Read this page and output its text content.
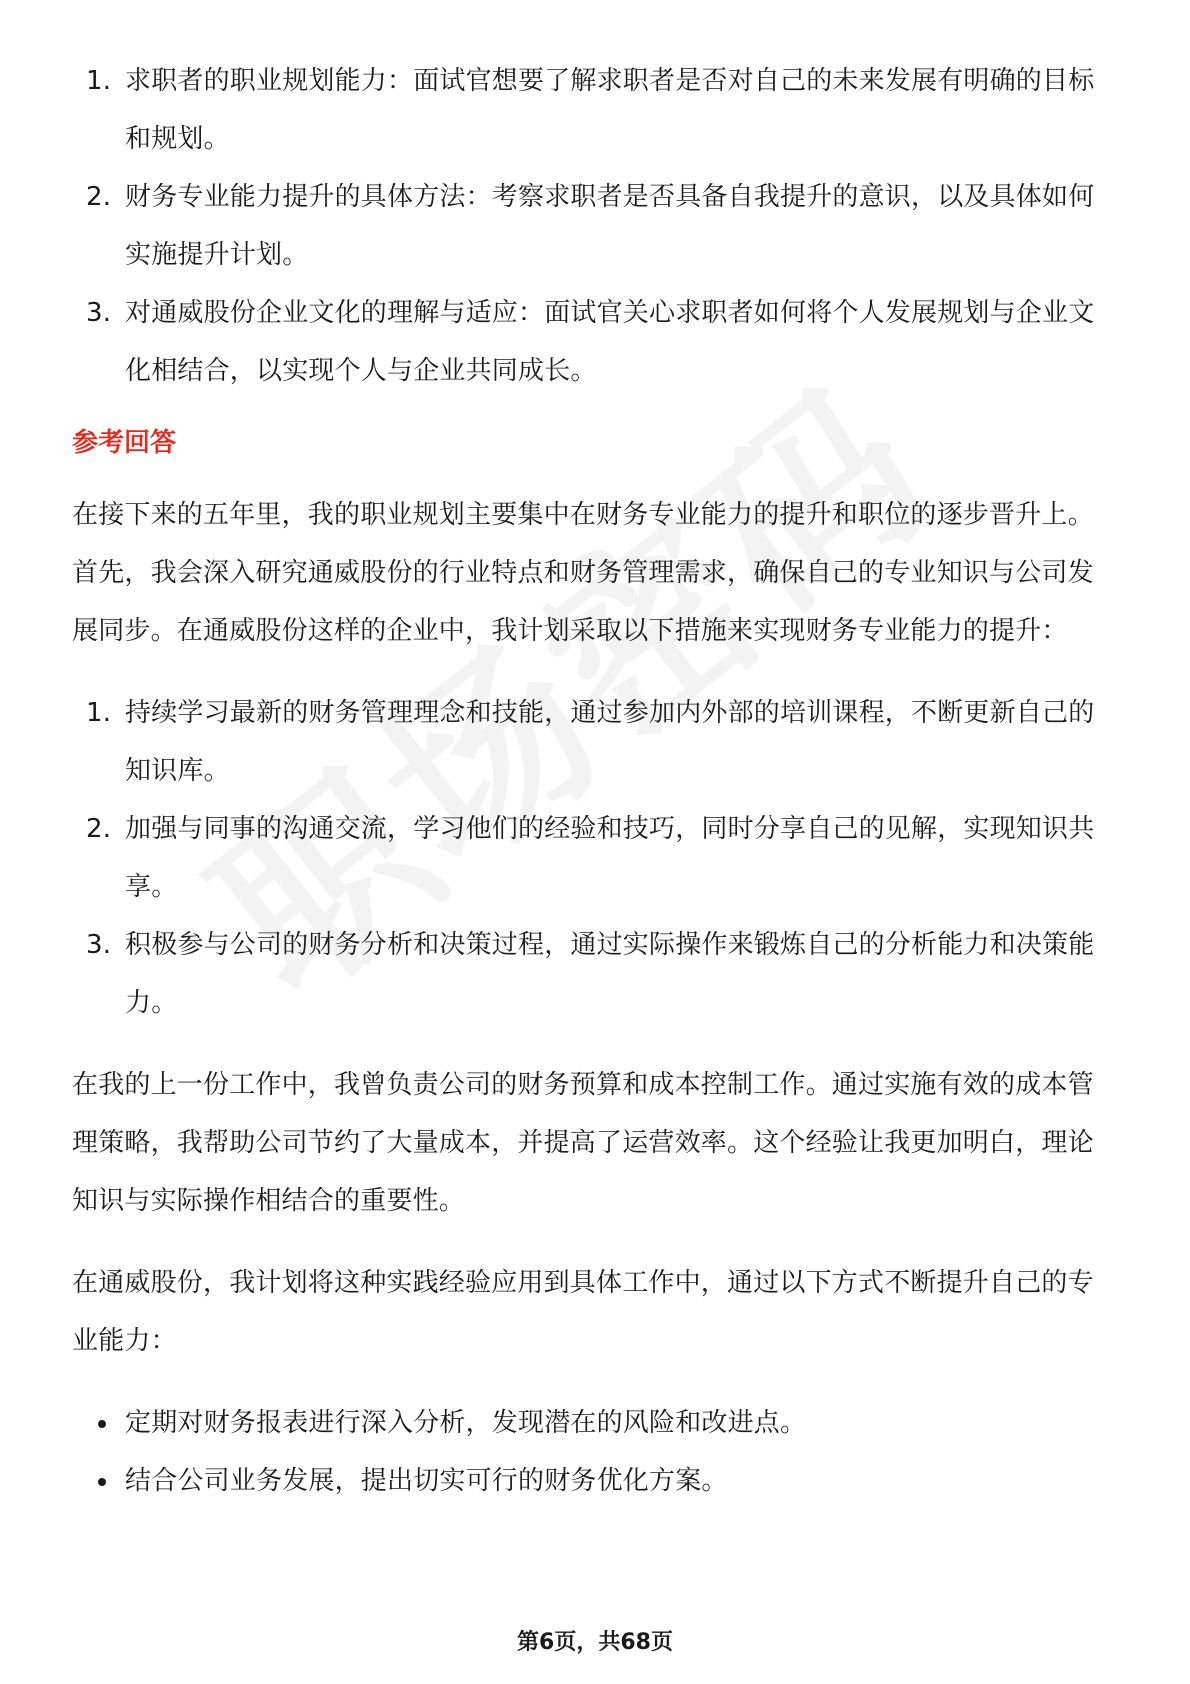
1. 求职者的职业规划能力：面试官想要了解求职者是否对自己的未来发展有明确的目标和规划。
2. 财务专业能力提升的具体方法：考察求职者是否具备自我提升的意识，以及具体如何实施提升计划。
3. 对通威股份企业文化的理解与适应：面试官关心求职者如何将个人发展规划与企业文化相结合，以实现个人与企业共同成长。

参考回答

在接下来的五年里，我的职业规划主要集中在财务专业能力的提升和职位的逐步晋升上。首先，我会深入研究通威股份的行业特点和财务管理需求，确保自己的专业知识与公司发展同步。在通威股份这样的企业中，我计划采取以下措施来实现财务专业能力的提升：

1. 持续学习最新的财务管理理念和技能，通过参加内外部的培训课程，不断更新自己的知识库。
2. 加强与同事的沟通交流，学习他们的经验和技巧，同时分享自己的见解，实现知识共享。
3. 积极参与公司的财务分析和决策过程，通过实际操作来锻炼自己的分析能力和决策能力。

在我的上一份工作中，我曾负责公司的财务预算和成本控制工作。通过实施有效的成本管理策略，我帮助公司节约了大量成本，并提高了运营效率。这个经验让我更加明白，理论知识与实际操作相结合的重要性。

在通威股份，我计划将这种实践经验应用到具体工作中，通过以下方式不断提升自己的专业能力：

定期对财务报表进行深入分析，发现潜在的风险和改进点。
结合公司业务发展，提出切实可行的财务优化方案。
第6页，共68页
